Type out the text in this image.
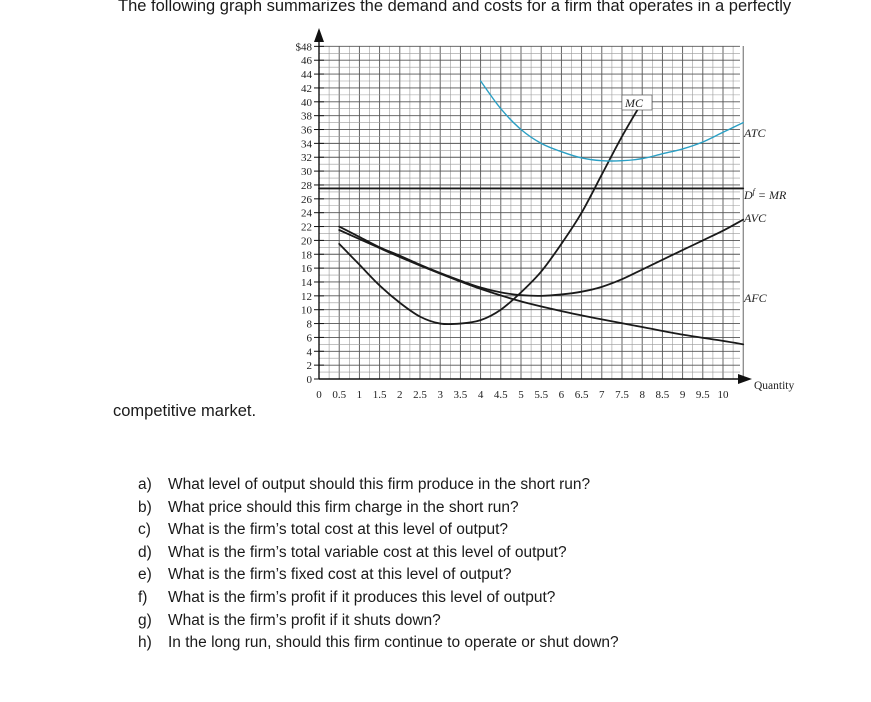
The following graph summarizes the demand and costs for a firm that operates in a perfectly

0
2
4
6
8
10
12
14
16
18
20
22
24
26
28
30
32
34
36
38
40
42
44
46
$48
0 0.5 1 1.5 2 2.5 3 3.5 4 4.5 5 5.5 6 6.5 7 7.5 8 8.5 9 9.5 10
Quantity
MC
ATC
AVC
AFC
$D^f$ = MR

competitive market.

a) What level of output should this firm produce in the short run?
b) What price should this firm charge in the short run?
c) What is the firm’s total cost at this level of output?
d) What is the firm’s total variable cost at this level of output?
e) What is the firm’s fixed cost at this level of output?
f) What is the firm’s profit if it produces this level of output?
g) What is the firm’s profit if it shuts down?
h) In the long run, should this firm continue to operate or shut down?
